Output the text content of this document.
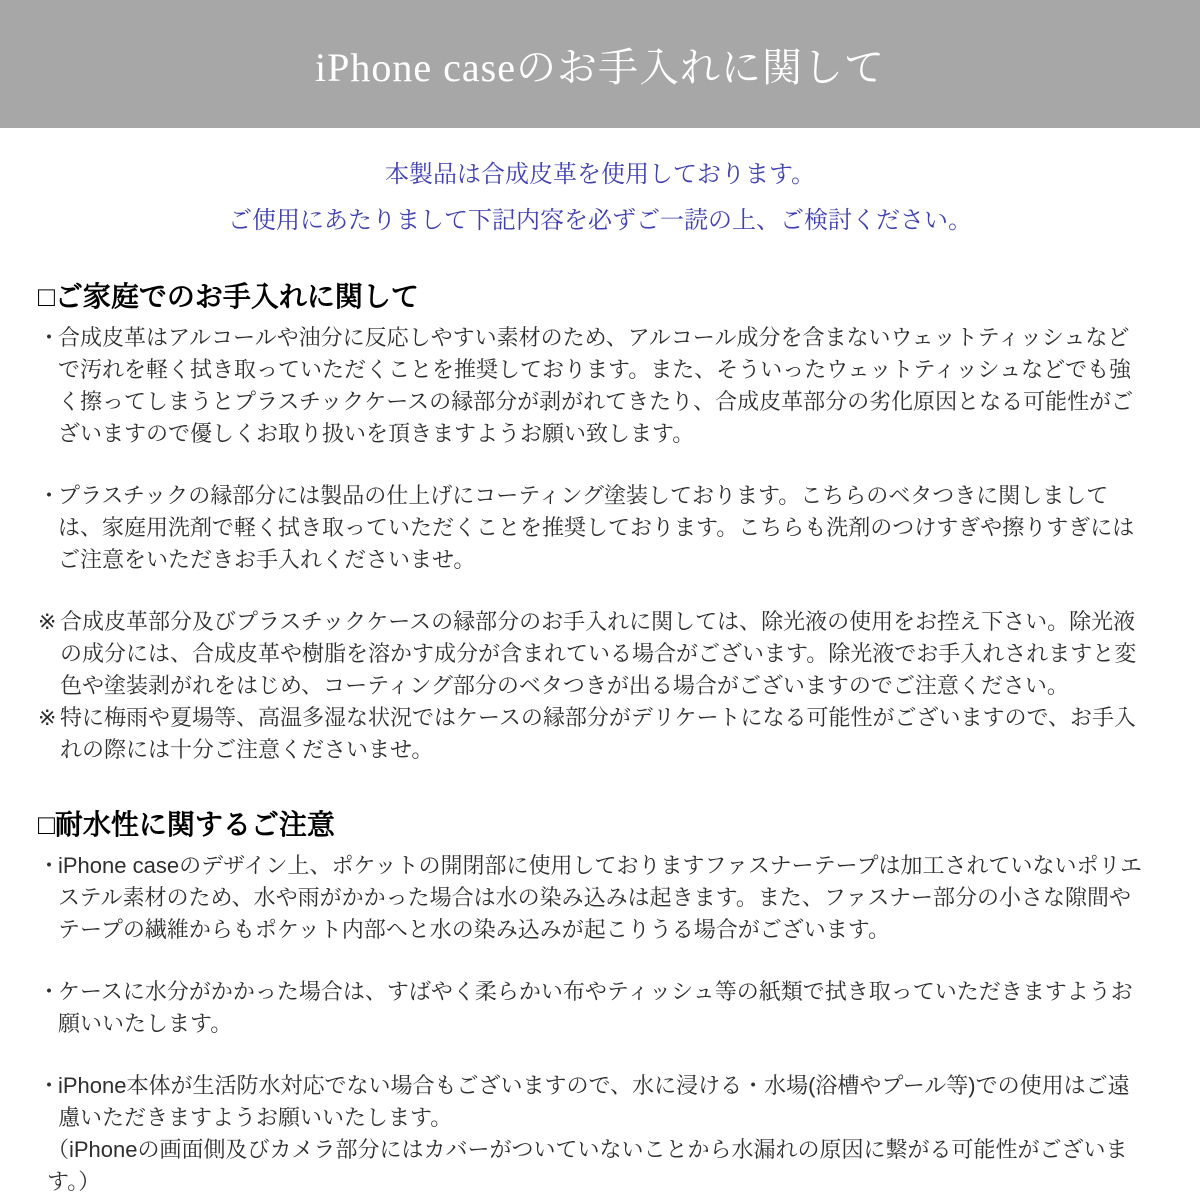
iPhone caseのお手入れに関して

本製品は合成皮革を使用しております。

ご使用にあたりまして下記内容を必ずご一読の上、ご検討ください。

□ご家庭でのお手入れに関して
・
合成皮革はアルコールや油分に反応しやすい素材のため、アルコール成分を含まないウェットティッシュなどで汚れを軽く拭き取っていただくことを推奨しております。また、そういったウェットティッシュなどでも強く擦ってしまうとプラスチックケースの縁部分が剥がれてきたり、合成皮革部分の劣化原因となる可能性がございますので優しくお取り扱いを頂きますようお願い致します。
・
プラスチックの縁部分には製品の仕上げにコーティング塗装しております。こちらのベタつきに関しましては、家庭用洗剤で軽く拭き取っていただくことを推奨しております。こちらも洗剤のつけすぎや擦りすぎにはご注意をいただきお手入れくださいませ。
※ 合成皮革部分及びプラスチックケースの縁部分のお手入れに関しては、除光液の使用をお控え下さい。除光液の成分には、合成皮革や樹脂を溶かす成分が含まれている場合がございます。除光液でお手入れされますと変色や塗装剥がれをはじめ、コーティング部分のベタつきが出る場合がございますのでご注意ください。
※ 特に梅雨や夏場等、高温多湿な状況ではケースの縁部分がデリケートになる可能性がございますので、お手入れの際には十分ご注意くださいませ。
□耐水性に関するご注意
・
iPhone caseのデザイン上、ポケットの開閉部に使用しておりますファスナーテープは加工されていないポリエステル素材のため、水や雨がかかった場合は水の染み込みは起きます。また、ファスナー部分の小さな隙間やテープの繊維からもポケット内部へと水の染み込みが起こりうる場合がございます。
・
ケースに水分がかかった場合は、すばやく柔らかい布やティッシュ等の紙類で拭き取っていただきますようお願いいたします。
・
iPhone本体が生活防水対応でない場合もございますので、水に浸ける・水場(浴槽やプール等)での使用はご遠慮いただきますようお願いいたします。
（iPhoneの画面側及びカメラ部分にはカバーがついていないことから水漏れの原因に繋がる可能性がございます。）
